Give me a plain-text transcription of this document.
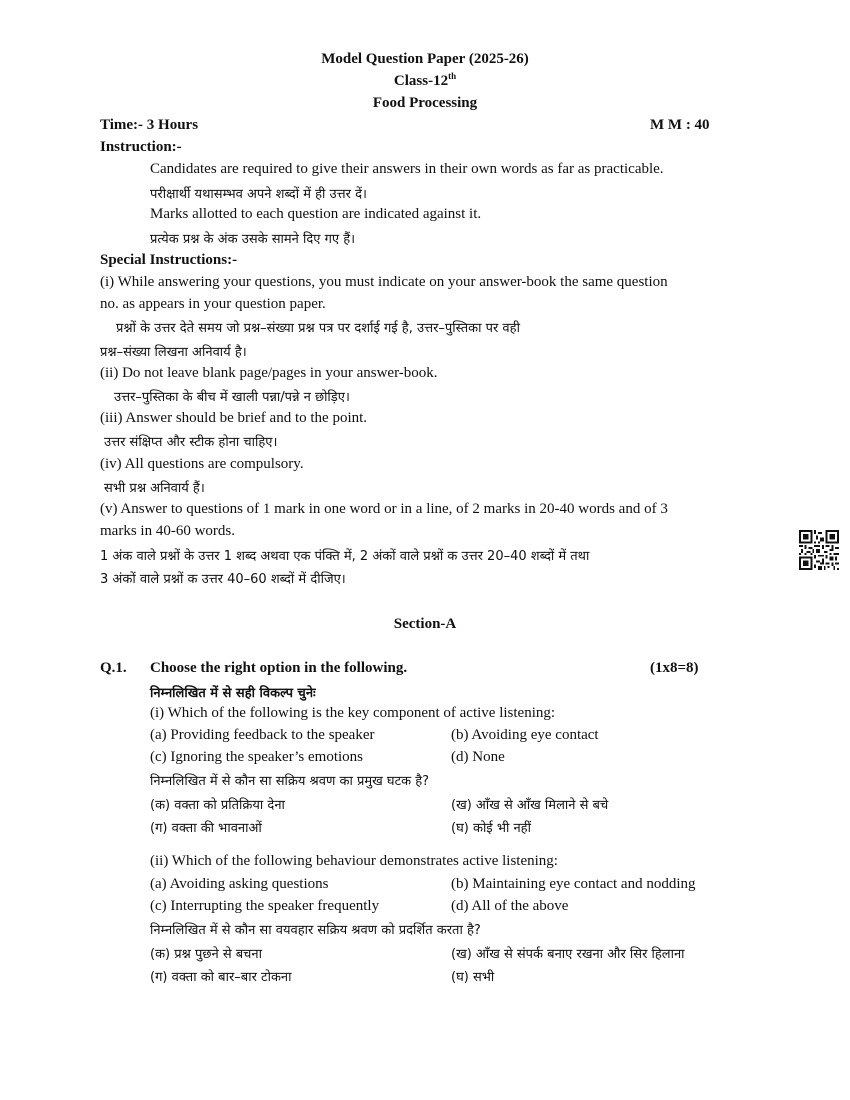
Model Question Paper (2025-26)
Class-12th
Food Processing
Time:- 3 Hours	M M : 40
Instruction:-
Candidates are required to give their answers in their own words as far as practicable.
परीक्षार्थी यथासम्भव अपने शब्दों में ही उत्तर दें।
Marks allotted to each question are indicated against it.
प्रत्येक प्रश्न के अंक उसके सामने दिए गए हैं।
Special Instructions:-
(i) While answering your questions, you must indicate on your answer-book the same question
no. as appears in your question paper.
प्रश्नों के उत्तर देते समय जो प्रश्न–संख्या प्रश्न पत्र पर दर्शाई गई है, उत्तर–पुस्तिका पर वही
प्रश्न–संख्या लिखना अनिवार्य है।
(ii) Do not leave blank page/pages in your answer-book.
उत्तर–पुस्तिका के बीच में खाली पन्ना/पन्ने न छोड़िए।
(iii) Answer should be brief and to the point.
उत्तर संक्षिप्त और स्टीक होना चाहिए।
(iv) All questions are compulsory.
सभी प्रश्न अनिवार्य हैं।
(v) Answer to questions of 1 mark in one word or in a line, of 2 marks in 20-40 words and of 3
marks in 40-60 words.
1 अंक वाले प्रश्नों के उत्तर 1 शब्द अथवा एक पंक्ति में, 2 अंकों वाले प्रश्नों क उत्तर 20–40 शब्दों में तथा
3 अंकों वाले प्रश्नों क उत्तर 40–60 शब्दों में दीजिए।
Section-A
Q.1. Choose the right option in the following.	(1x8=8)
निम्नलिखित में से सही विकल्प चुनेः
(i) Which of the following is the key component of active listening:
(a) Providing feedback to the speaker	(b) Avoiding eye contact
(c) Ignoring the speaker’s emotions	(d) None
निम्नलिखित में से कौन सा सक्रिय श्रवण का प्रमुख घटक है?
(क) वक्ता को प्रतिक्रिया देना	(ख) आँख से आँख मिलाने से बचे
(ग) वक्ता की भावनाओं	(घ) कोई भी नहीं
(ii) Which of the following behaviour demonstrates active listening:
(a) Avoiding asking questions	(b) Maintaining eye contact and nodding
(c) Interrupting the speaker frequently	(d) All of the above
निम्नलिखित में से कौन सा वयवहार सक्रिय श्रवण को प्रदर्शित करता है?
(क) प्रश्न पुछने से बचना	(ख) आँख से संपर्क बनाए रखना और सिर हिलाना
(ग) वक्ता को बार–बार टोकना	(घ) सभी
